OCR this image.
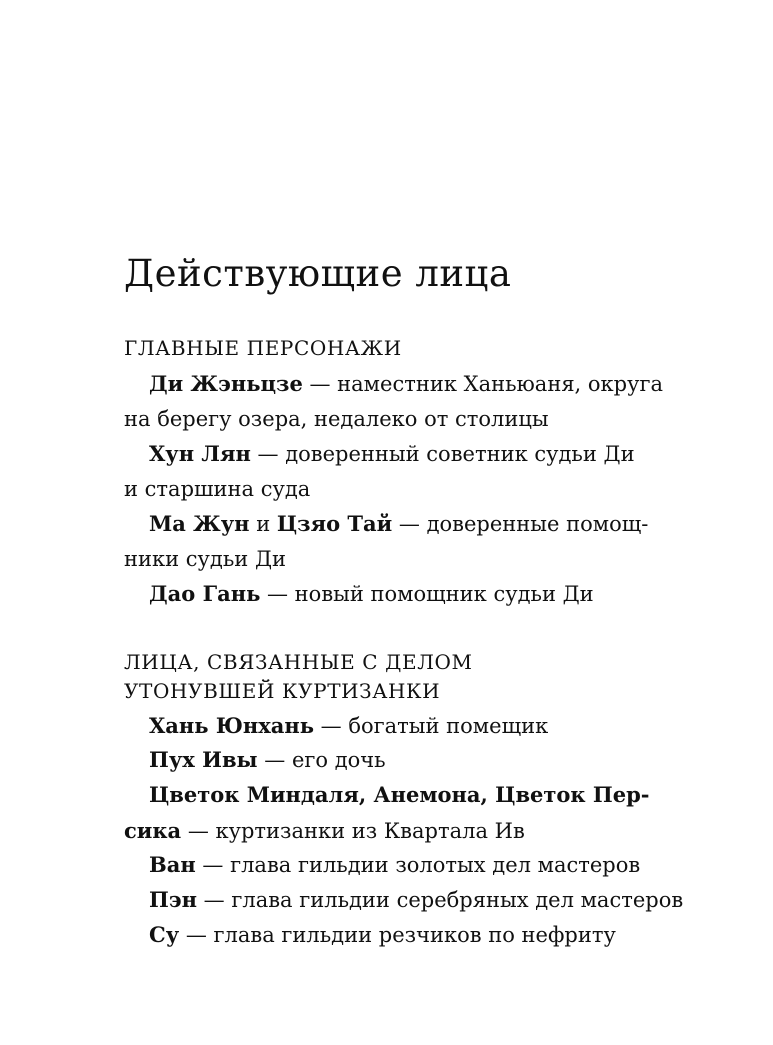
Действующие лица
ГЛАВНЫЕ ПЕРСОНАЖИ
Ди Жэньцзе — наместник Ханьюаня, округа
на берегу озера, недалеко от столицы
Хун Лян — доверенный советник судьи Ди
и старшина суда
Ма Жун и Цзяо Тай — доверенные помощ-
ники судьи Ди
Дао Гань — новый помощник судьи Ди
ЛИЦА, СВЯЗАННЫЕ С ДЕЛОМ
УТОНУВШЕЙ КУРТИЗАНКИ
Хань Юнхань — богатый помещик
Пух Ивы — его дочь
Цветок Миндаля, Анемона, Цветок Пер-
сика — куртизанки из Квартала Ив
Ван — глава гильдии золотых дел мастеров
Пэн — глава гильдии серебряных дел мастеров
Су — глава гильдии резчиков по нефриту
